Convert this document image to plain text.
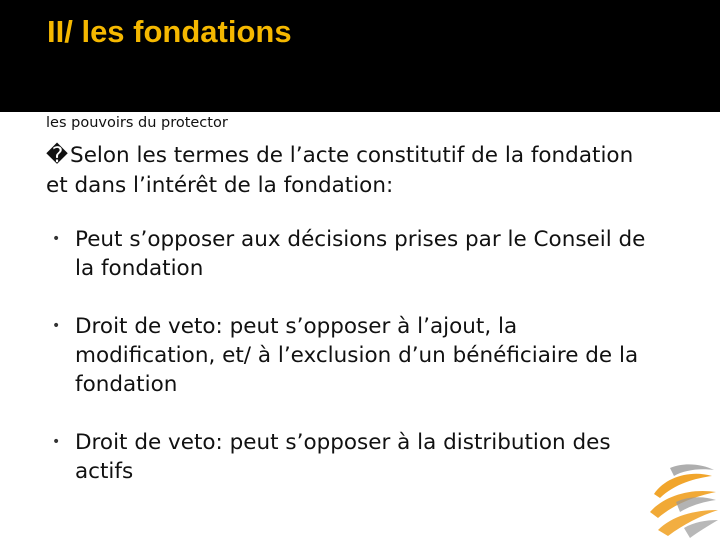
II/ les fondations
les pouvoirs du protector
�Selon les termes de l’acte constitutif de la fondation et dans l’intérêt de la fondation:
• Peut s’opposer aux décisions prises par le Conseil de la fondation
• Droit de veto: peut s’opposer à l’ajout, la modification, et/ à l’exclusion d’un bénéficiaire de la fondation
• Droit de veto: peut s’opposer à la distribution des actifs
